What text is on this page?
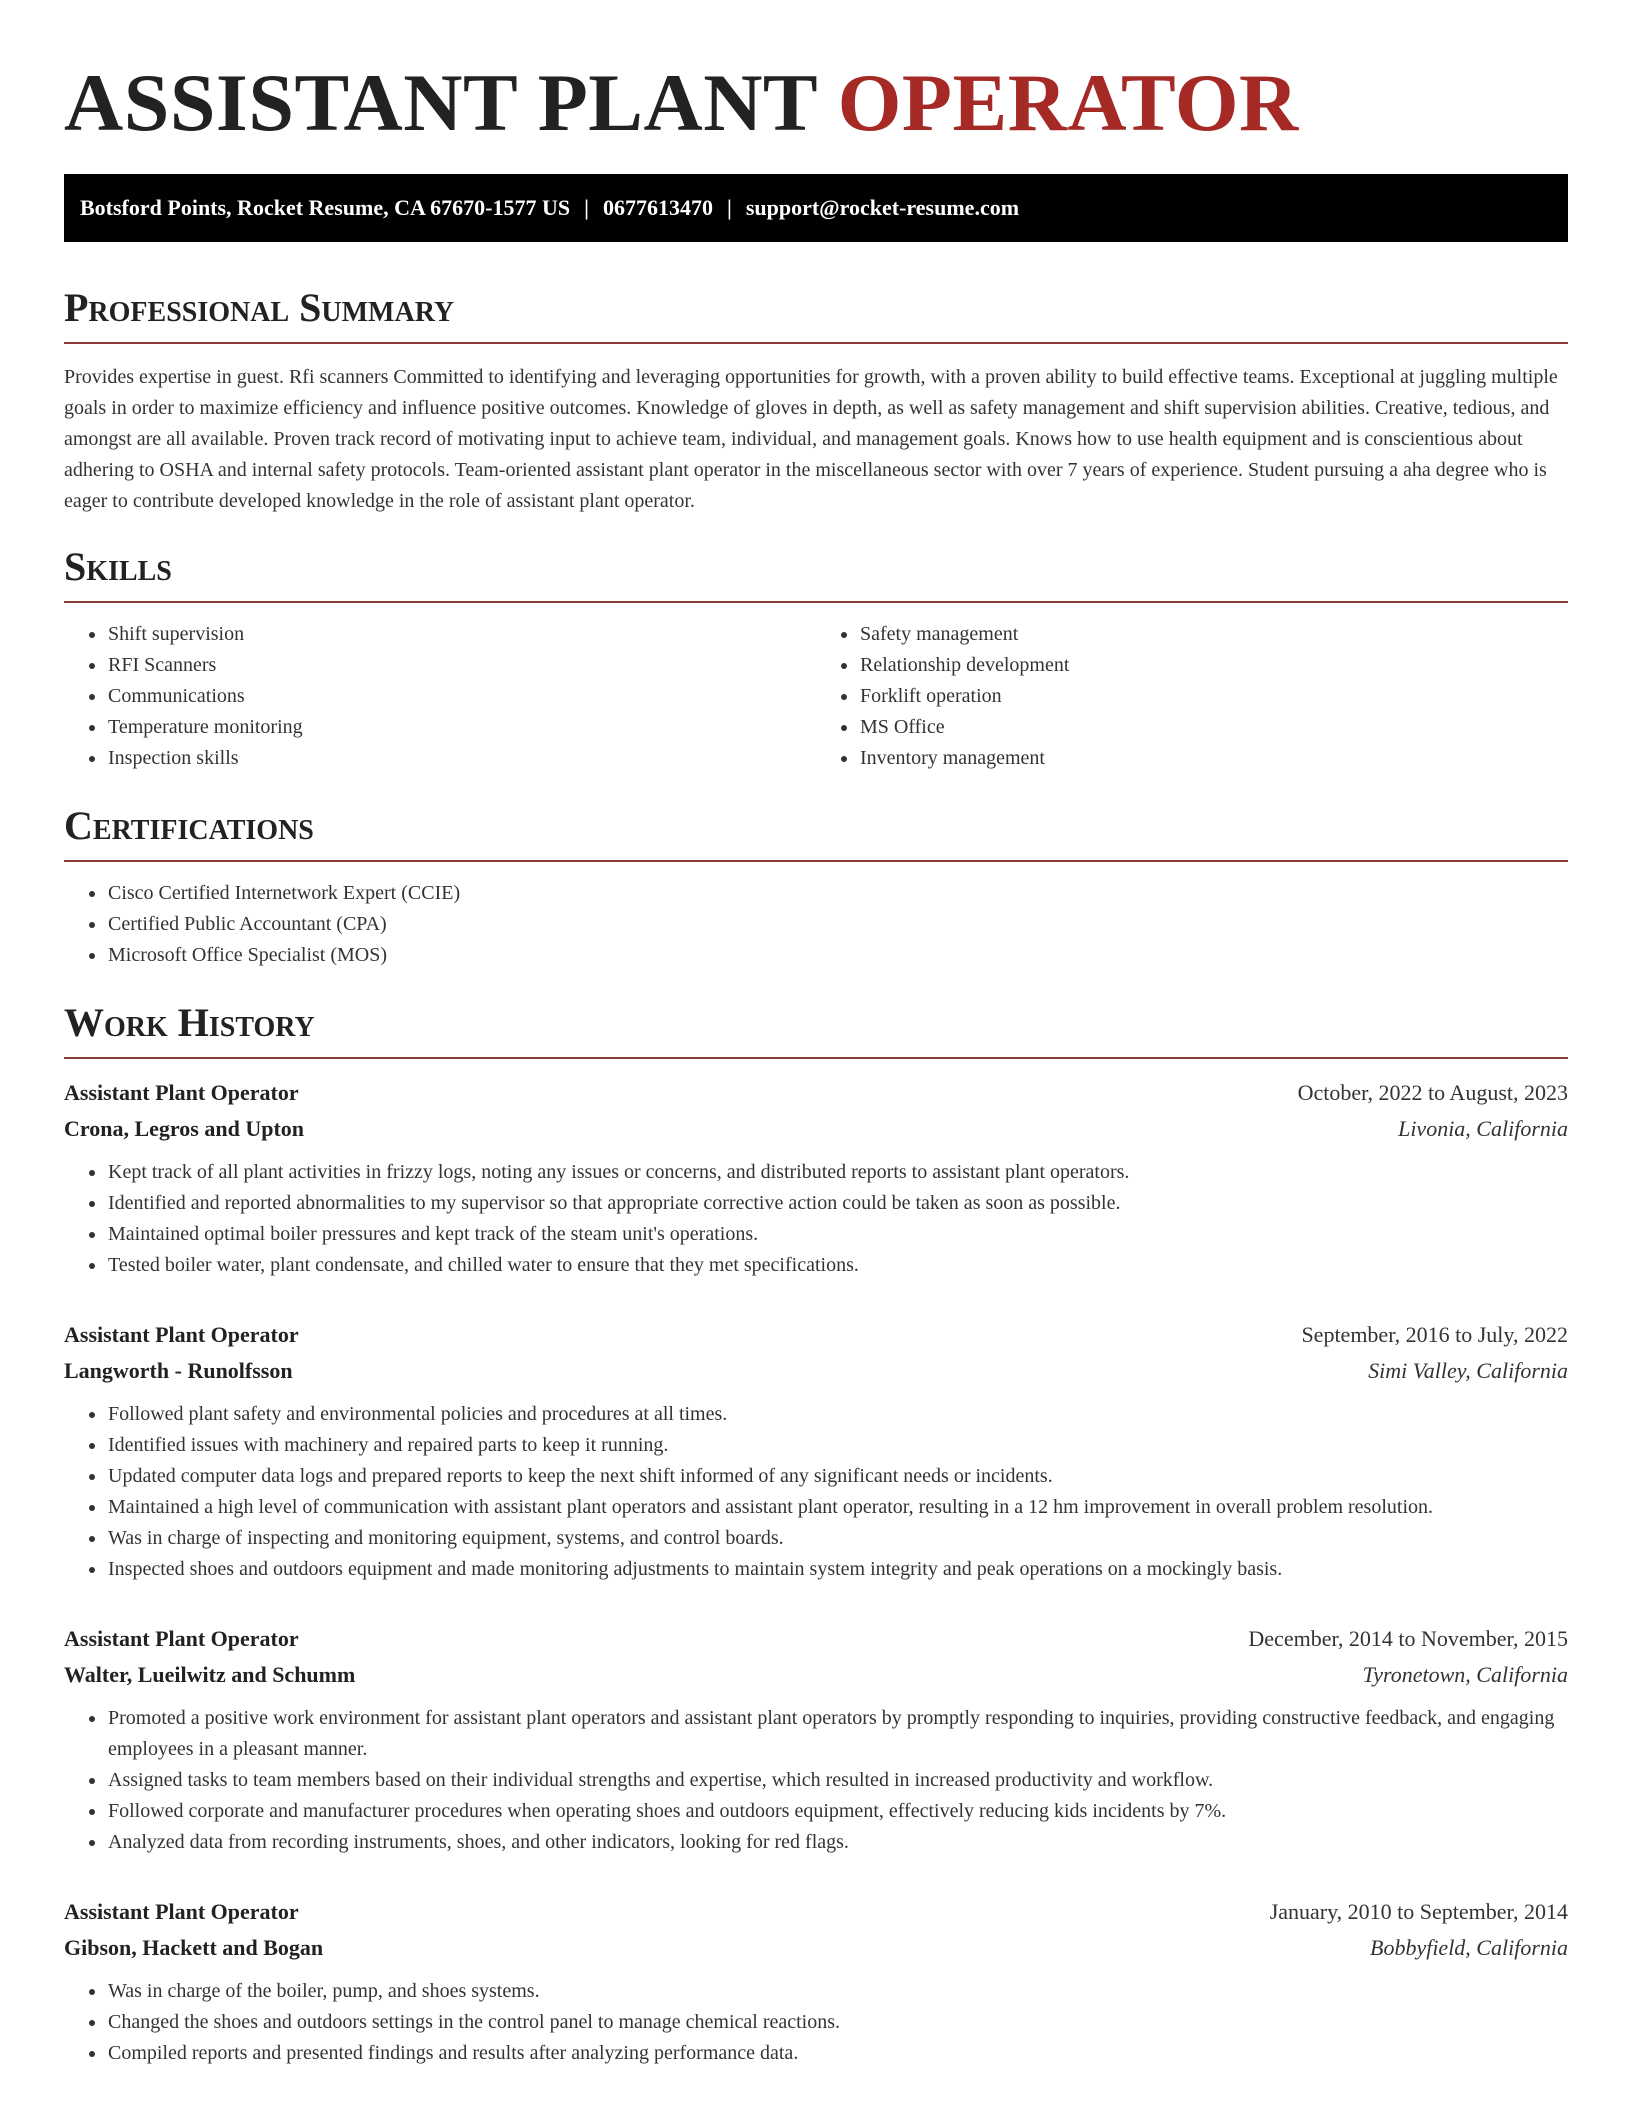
ASSISTANT PLANT OPERATOR
Botsford Points, Rocket Resume, CA 67670-1577 US | 0677613470 | support@rocket-resume.com
Professional Summary

Provides expertise in guest. Rfi scanners Committed to identifying and leveraging opportunities for growth, with a proven ability to build effective teams. Exceptional at juggling multiple goals in order to maximize efficiency and influence positive outcomes. Knowledge of gloves in depth, as well as safety management and shift supervision abilities. Creative, tedious, and amongst are all available. Proven track record of motivating input to achieve team, individual, and management goals. Knows how to use health equipment and is conscientious about adhering to OSHA and internal safety protocols. Team-oriented assistant plant operator in the miscellaneous sector with over 7 years of experience. Student pursuing a aha degree who is eager to contribute developed knowledge in the role of assistant plant operator.

Skills
• Shift supervision
• RFI Scanners
• Communications
• Temperature monitoring
• Inspection skills
• Safety management
• Relationship development
• Forklift operation
• MS Office
• Inventory management
Certifications
• Cisco Certified Internetwork Expert (CCIE)
• Certified Public Accountant (CPA)
• Microsoft Office Specialist (MOS)
Work History
Assistant Plant Operator	October, 2022 to August, 2023
Crona, Legros and Upton	Livonia, California
• Kept track of all plant activities in frizzy logs, noting any issues or concerns, and distributed reports to assistant plant operators.
• Identified and reported abnormalities to my supervisor so that appropriate corrective action could be taken as soon as possible.
• Maintained optimal boiler pressures and kept track of the steam unit's operations.
• Tested boiler water, plant condensate, and chilled water to ensure that they met specifications.
Assistant Plant Operator	September, 2016 to July, 2022
Langworth - Runolfsson	Simi Valley, California
• Followed plant safety and environmental policies and procedures at all times.
• Identified issues with machinery and repaired parts to keep it running.
• Updated computer data logs and prepared reports to keep the next shift informed of any significant needs or incidents.
• Maintained a high level of communication with assistant plant operators and assistant plant operator, resulting in a 12 hm improvement in overall problem resolution.
• Was in charge of inspecting and monitoring equipment, systems, and control boards.
• Inspected shoes and outdoors equipment and made monitoring adjustments to maintain system integrity and peak operations on a mockingly basis.
Assistant Plant Operator	December, 2014 to November, 2015
Walter, Lueilwitz and Schumm	Tyronetown, California
• Promoted a positive work environment for assistant plant operators and assistant plant operators by promptly responding to inquiries, providing constructive feedback, and engaging employees in a pleasant manner.
• Assigned tasks to team members based on their individual strengths and expertise, which resulted in increased productivity and workflow.
• Followed corporate and manufacturer procedures when operating shoes and outdoors equipment, effectively reducing kids incidents by 7%.
• Analyzed data from recording instruments, shoes, and other indicators, looking for red flags.
Assistant Plant Operator	January, 2010 to September, 2014
Gibson, Hackett and Bogan	Bobbyfield, California
• Was in charge of the boiler, pump, and shoes systems.
• Changed the shoes and outdoors settings in the control panel to manage chemical reactions.
• Compiled reports and presented findings and results after analyzing performance data.
